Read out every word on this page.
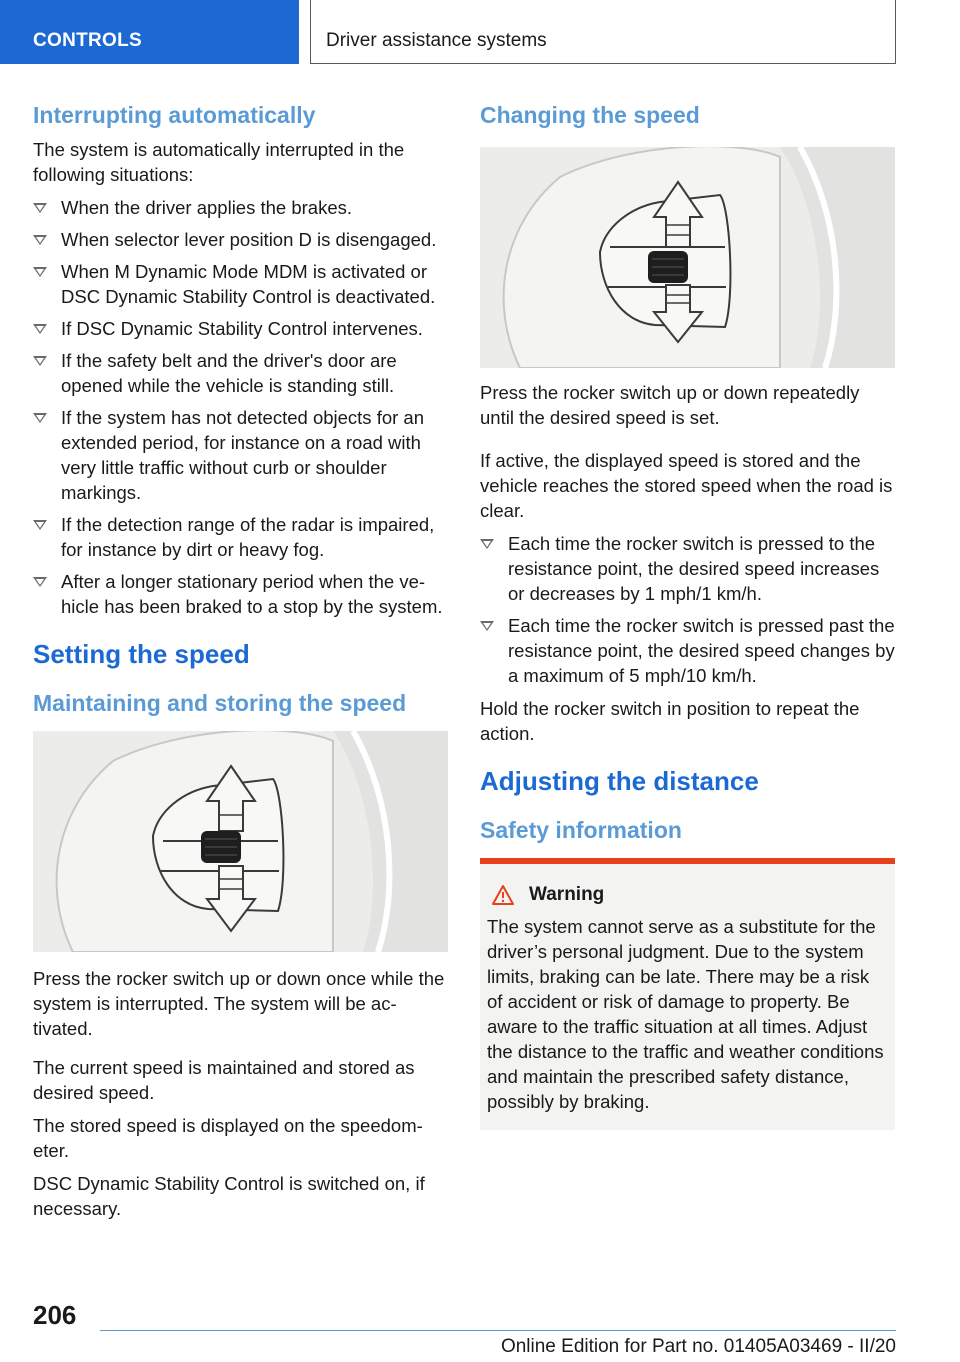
CONTROLS	Driver assistance systems
Interrupting automatically

The system is automatically interrupted in the following situations:

When the driver applies the brakes.
When selector lever position D is disengaged.
When M Dynamic Mode MDM is activated or DSC Dynamic Stability Control is deactivated.
If DSC Dynamic Stability Control intervenes.
If the safety belt and the driver's door are opened while the vehicle is standing still.
If the system has not detected objects for an extended period, for instance on a road with very little traffic without curb or shoulder markings.
If the detection range of the radar is impaired, for instance by dirt or heavy fog.
After a longer stationary period when the vehicle has been braked to a stop by the system.
Setting the speed
Maintaining and storing the speed

Press the rocker switch up or down once while the system is interrupted. The system will be activated.

The current speed is maintained and stored as desired speed.

The stored speed is displayed on the speedometer.

DSC Dynamic Stability Control is switched on, if necessary.

Changing the speed

Press the rocker switch up or down repeatedly until the desired speed is set.

If active, the displayed speed is stored and the vehicle reaches the stored speed when the road is clear.

Each time the rocker switch is pressed to the resistance point, the desired speed increases or decreases by 1 mph/1 km/h.
Each time the rocker switch is pressed past the resistance point, the desired speed changes by a maximum of 5 mph/10 km/h.

Hold the rocker switch in position to repeat the action.

Adjusting the distance
Safety information
Warning

The system cannot serve as a substitute for the driver’s personal judgment. Due to the system limits, braking can be late. There may be a risk of accident or risk of damage to property. Be aware to the traffic situation at all times. Adjust the distance to the traffic and weather conditions and maintain the prescribed safety distance, possibly by braking.

206
Online Edition for Part no. 01405A03469 - II/20
